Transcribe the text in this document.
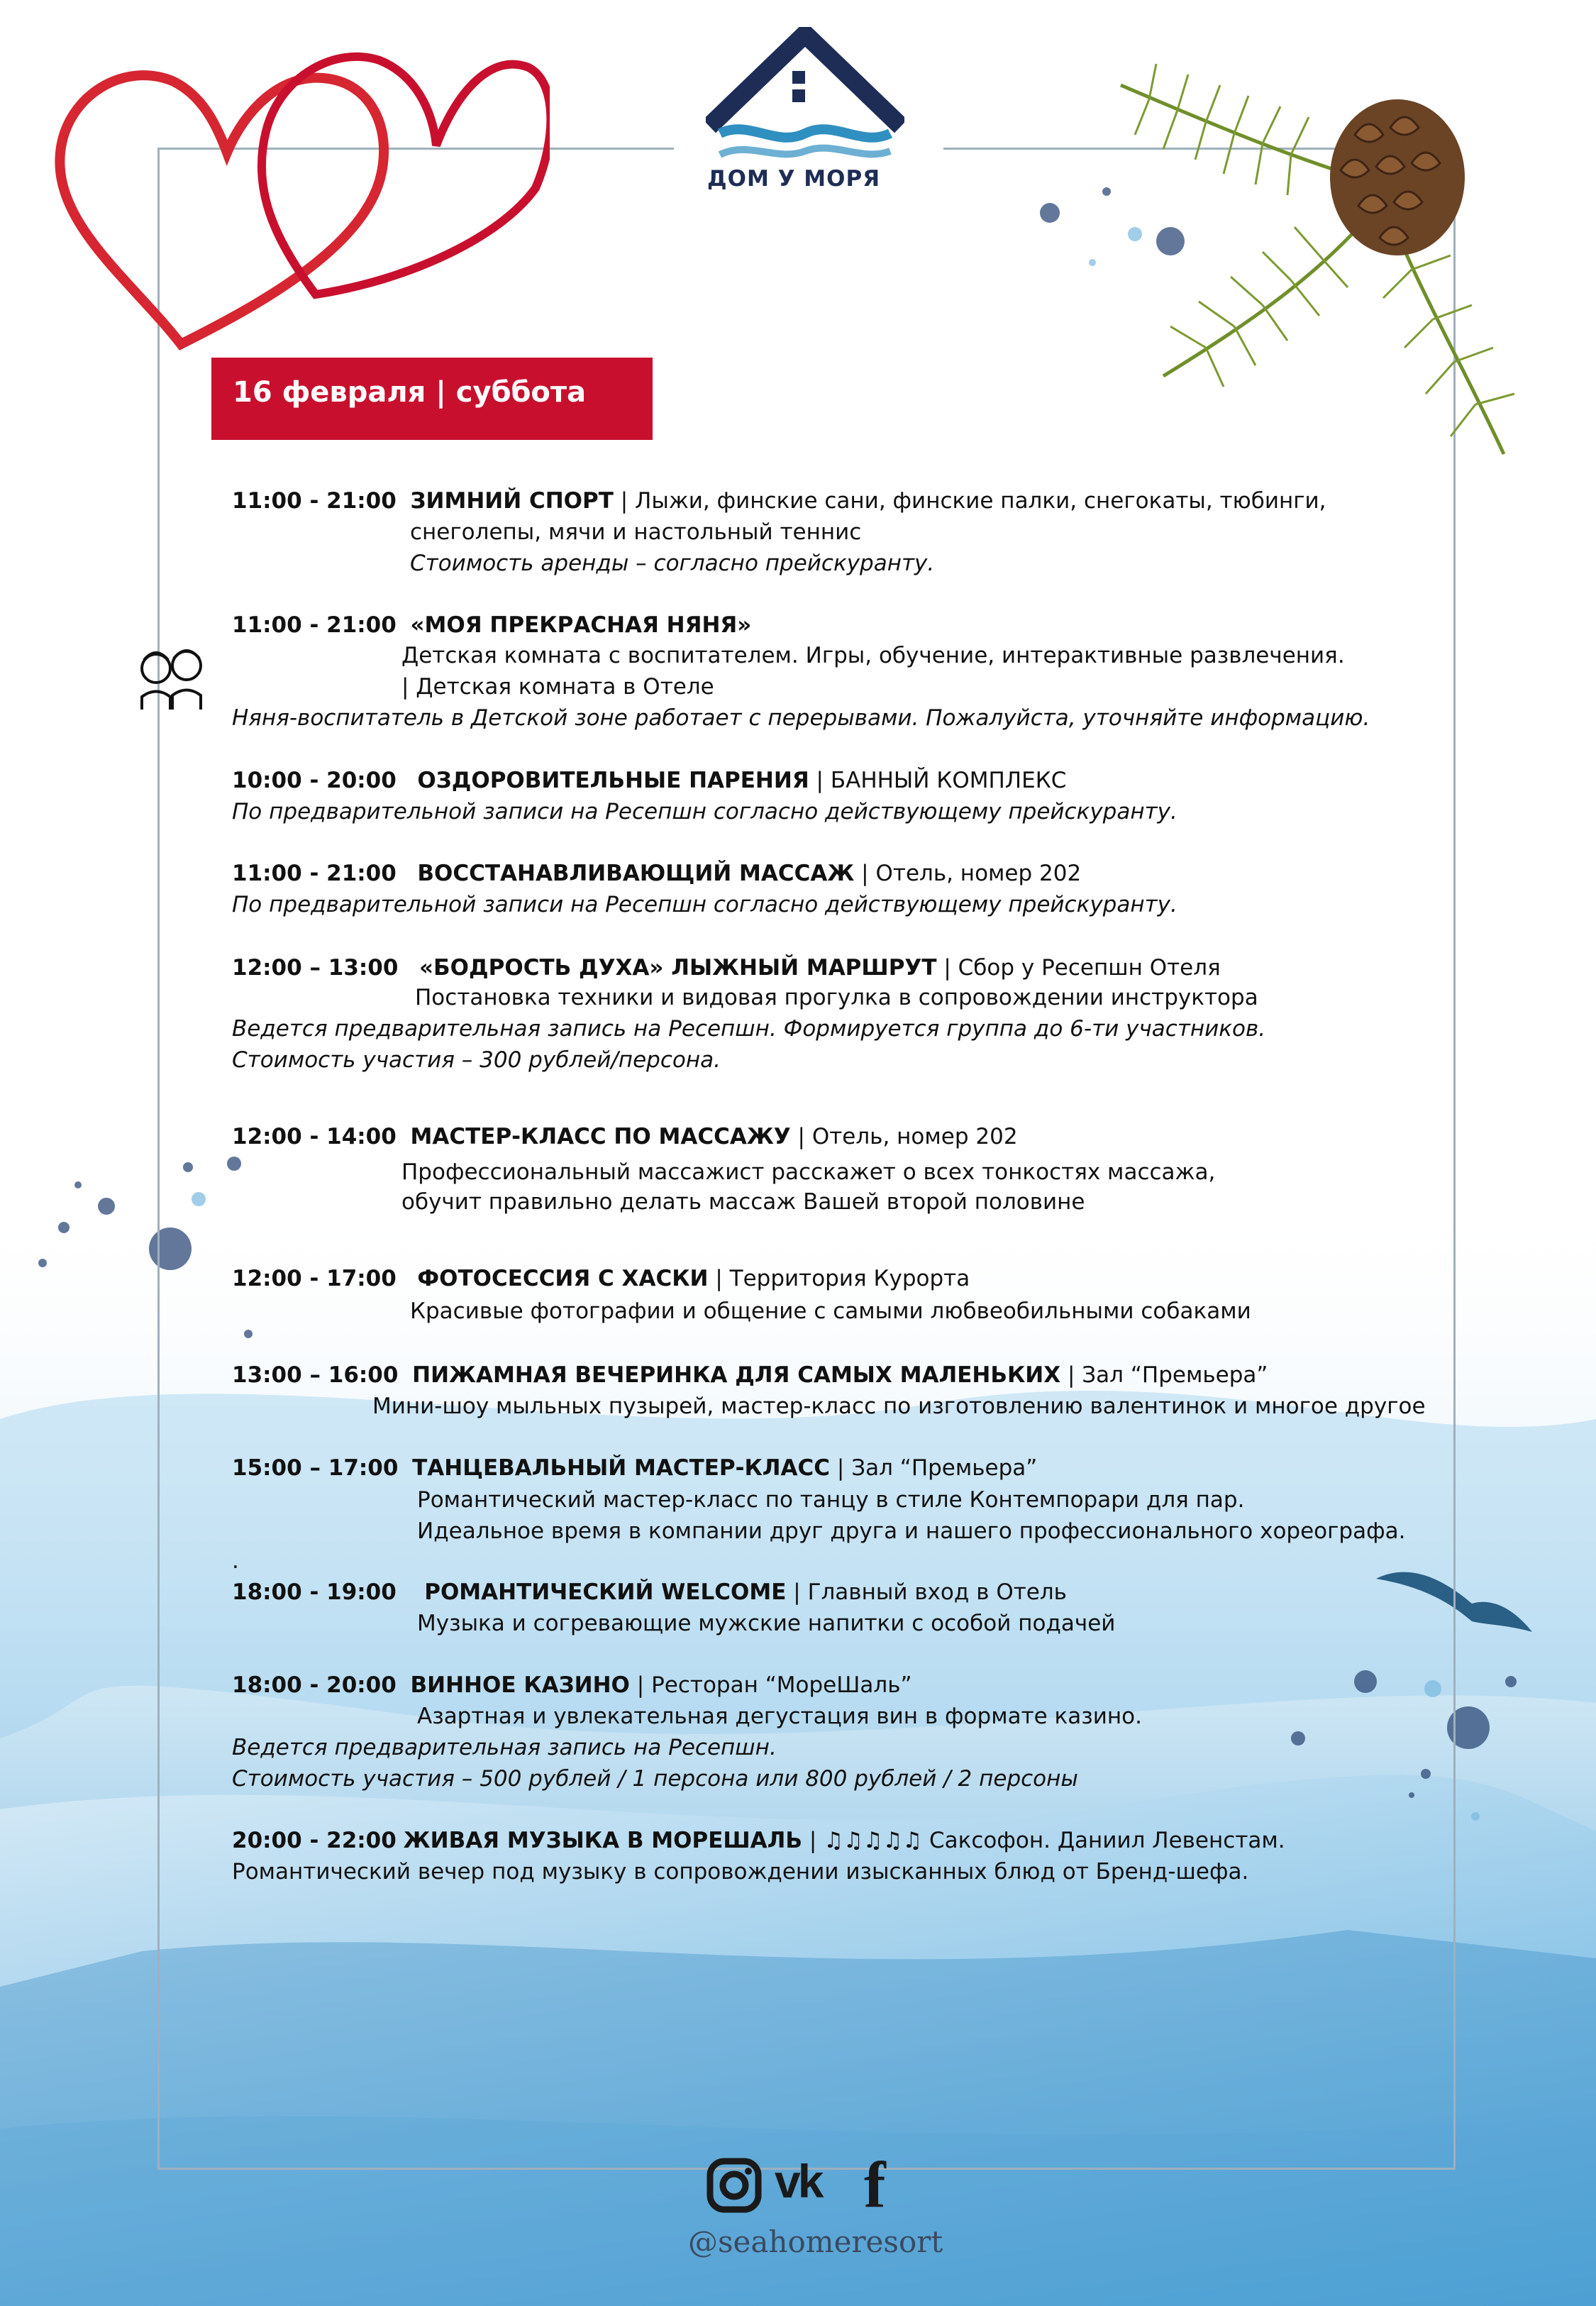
ДОМ У МОРЯ
16 февраля | суббота
11:00 - 21:00 ЗИМНИЙ СПОРТ | Лыжи, финские сани, финские палки, снегокаты, тюбинги,
снеголепы, мячи и настольный теннис
Стоимость аренды – согласно прейскуранту.
11:00 - 21:00 «МОЯ ПРЕКРАСНАЯ НЯНЯ»
Детская комната с воспитателем. Игры, обучение, интерактивные развлечения.
| Детская комната в Отеле
Няня-воспитатель в Детской зоне работает с перерывами. Пожалуйста, уточняйте информацию.
10:00 - 20:00 ОЗДОРОВИТЕЛЬНЫЕ ПАРЕНИЯ | БАННЫЙ КОМПЛЕКС
По предварительной записи на Ресепшн согласно действующему прейскуранту.
11:00 - 21:00 ВОССТАНАВЛИВАЮЩИЙ МАССАЖ | Отель, номер 202
По предварительной записи на Ресепшн согласно действующему прейскуранту.
12:00 – 13:00 «БОДРОСТЬ ДУХА» ЛЫЖНЫЙ МАРШРУТ | Сбор у Ресепшн Отеля
Постановка техники и видовая прогулка в сопровождении инструктора
Ведется предварительная запись на Ресепшн. Формируется группа до 6-ти участников.
Стоимость участия – 300 рублей/персона.
12:00 - 14:00 МАСТЕР-КЛАСС ПО МАССАЖУ | Отель, номер 202
Профессиональный массажист расскажет о всех тонкостях массажа,
обучит правильно делать массаж Вашей второй половине
12:00 - 17:00 ФОТОСЕССИЯ С ХАСКИ | Территория Курорта
Красивые фотографии и общение с самыми любвеобильными собаками
13:00 – 16:00 ПИЖАМНАЯ ВЕЧЕРИНКА ДЛЯ САМЫХ МАЛЕНЬКИХ | Зал “Премьера”
Мини-шоу мыльных пузырей, мастер-класс по изготовлению валентинок и многое другое
15:00 – 17:00 ТАНЦЕВАЛЬНЫЙ МАСТЕР-КЛАСС | Зал “Премьера”
Романтический мастер-класс по танцу в стиле Контемпорари для пар.
Идеальное время в компании друг друга и нашего профессионального хореографа.
.
18:00 - 19:00 РОМАНТИЧЕСКИЙ WELCOME | Главный вход в Отель
Музыка и согревающие мужские напитки с особой подачей
18:00 - 20:00 ВИННОЕ КАЗИНО | Ресторан “МореШаль”
Азартная и увлекательная дегустация вин в формате казино.
Ведется предварительная запись на Ресепшн.
Стоимость участия – 500 рублей / 1 персона или 800 рублей / 2 персоны
20:00 - 22:00 ЖИВАЯ МУЗЫКА В МОРЕШАЛЬ | ♫♫♫♫♫ Саксофон. Даниил Левенстам.
Романтический вечер под музыку в сопровождении изысканных блюд от Бренд-шефа.
vk f
@seahomeresort
